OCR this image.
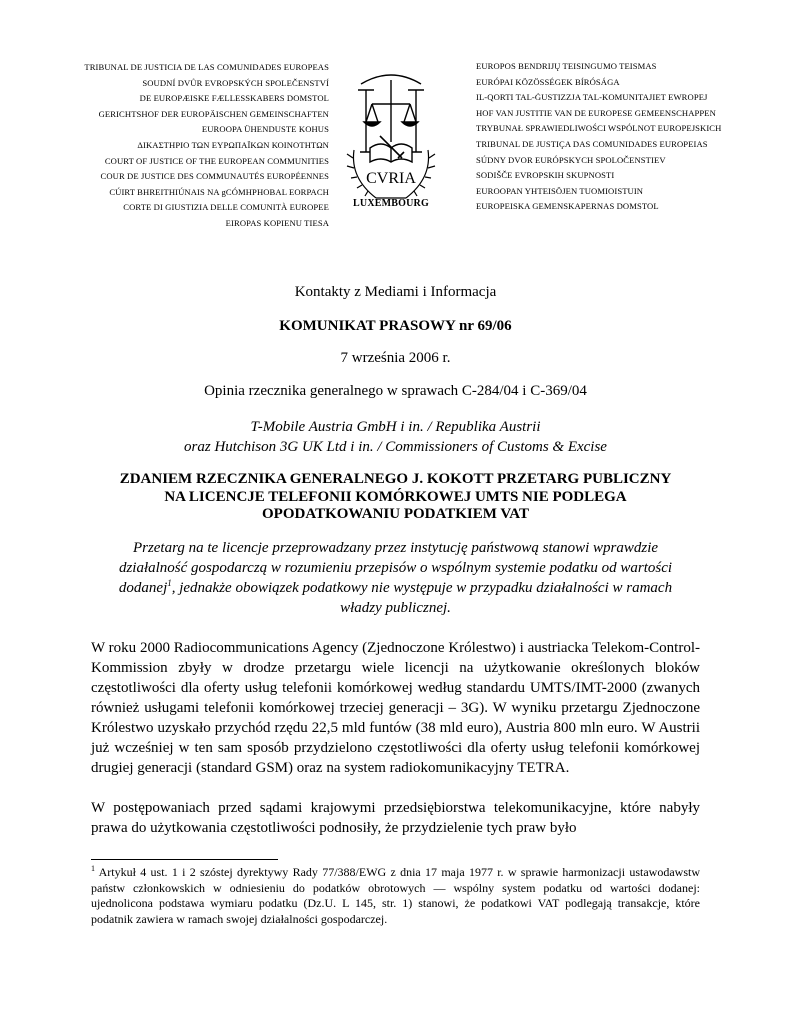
TRIBUNAL DE JUSTICIA DE LAS COMUNIDADES EUROPEAS
SOUDNÍ DVŮR EVROPSKÝCH SPOLEČENSTVÍ
DE EUROPÆISKE FÆLLESSKABERS DOMSTOL
GERICHTSHOF DER EUROPÄISCHEN GEMEINSCHAFTEN
EUROOPA ÜHENDUSTE KOHUS
ΔΙΚΑΣΤΗΡΙΟ ΤΩΝ ΕΥΡΩΠΑΪΚΩΝ ΚΟΙΝΟΤΗΤΩΝ
COURT OF JUSTICE OF THE EUROPEAN COMMUNITIES
COUR DE JUSTICE DES COMMUNAUTÉS EUROPÉENNES
CÚIRT BHREITHIÚNAIS NA gCÓMHPHOBAL EORPACH
CORTE DI GIUSTIZIA DELLE COMUNITÀ EUROPEE
EIROPAS KOPIENU TIESA
CVRIA
LUXEMBOURG
EUROPOS BENDRIJŲ TEISINGUMO TEISMAS
EURÓPAI KÖZÖSSÉGEK BÍRÓSÁGA
IL-QORTI TAL-ĠUSTIZZJA TAL-KOMUNITAJIET EWROPEJ
HOF VAN JUSTITIE VAN DE EUROPESE GEMEENSCHAPPEN
TRYBUNAŁ SPRAWIEDLIWOŚCI WSPÓLNOT EUROPEJSKICH
TRIBUNAL DE JUSTIÇA DAS COMUNIDADES EUROPEIAS
SÚDNY DVOR EURÓPSKYCH SPOLOČENSTIEV
SODIŠČE EVROPSKIH SKUPNOSTI
EUROOPAN YHTEISÖJEN TUOMIOISTUIN
EUROPEISKA GEMENSKAPERNAS DOMSTOL
Kontakty z Mediami i Informacja
KOMUNIKAT PRASOWY nr 69/06
7 września 2006 r.
Opinia rzecznika generalnego w sprawach C-284/04 i C-369/04
T-Mobile Austria GmbH i in. / Republika Austrii
oraz Hutchison 3G UK Ltd i in. / Commissioners of Customs & Excise
ZDANIEM RZECZNIKA GENERALNEGO J. KOKOTT PRZETARG PUBLICZNY
NA LICENCJE TELEFONII KOMÓRKOWEJ UMTS NIE PODLEGA
OPODATKOWANIU PODATKIEM VAT
Przetarg na te licencje przeprowadzany przez instytucję państwową stanowi wprawdzie działalność gospodarczą w rozumieniu przepisów o wspólnym systemie podatku od wartości dodanej$^1$, jednakże obowiązek podatkowy nie występuje w przypadku działalności w ramach władzy publicznej.
W roku 2000 Radiocommunications Agency (Zjednoczone Królestwo) i austriacka Telekom-Control-Kommission zbyły w drodze przetargu wiele licencji na użytkowanie określonych bloków częstotliwości dla oferty usług telefonii komórkowej według standardu UMTS/IMT-2000 (zwanych również usługami telefonii komórkowej trzeciej generacji – 3G). W wyniku przetargu Zjednoczone Królestwo uzyskało przychód rzędu 22,5 mld funtów (38 mld euro), Austria 800 mln euro. W Austrii już wcześniej w ten sam sposób przydzielono częstotliwości dla oferty usług telefonii komórkowej drugiej generacji (standard GSM) oraz na system radiokomunikacyjny TETRA.
W postępowaniach przed sądami krajowymi przedsiębiorstwa telekomunikacyjne, które nabyły prawa do użytkowania częstotliwości podnosiły, że przydzielenie tych praw było
$^1$ Artykuł 4 ust. 1 i 2 szóstej dyrektywy Rady 77/388/EWG z dnia 17 maja 1977 r. w sprawie harmonizacji ustawodawstw państw członkowskich w odniesieniu do podatków obrotowych — wspólny system podatku od wartości dodanej: ujednolicona podstawa wymiaru podatku (Dz.U. L 145, str. 1) stanowi, że podatkowi VAT podlegają transakcje, które podatnik zawiera w ramach swojej działalności gospodarczej.
